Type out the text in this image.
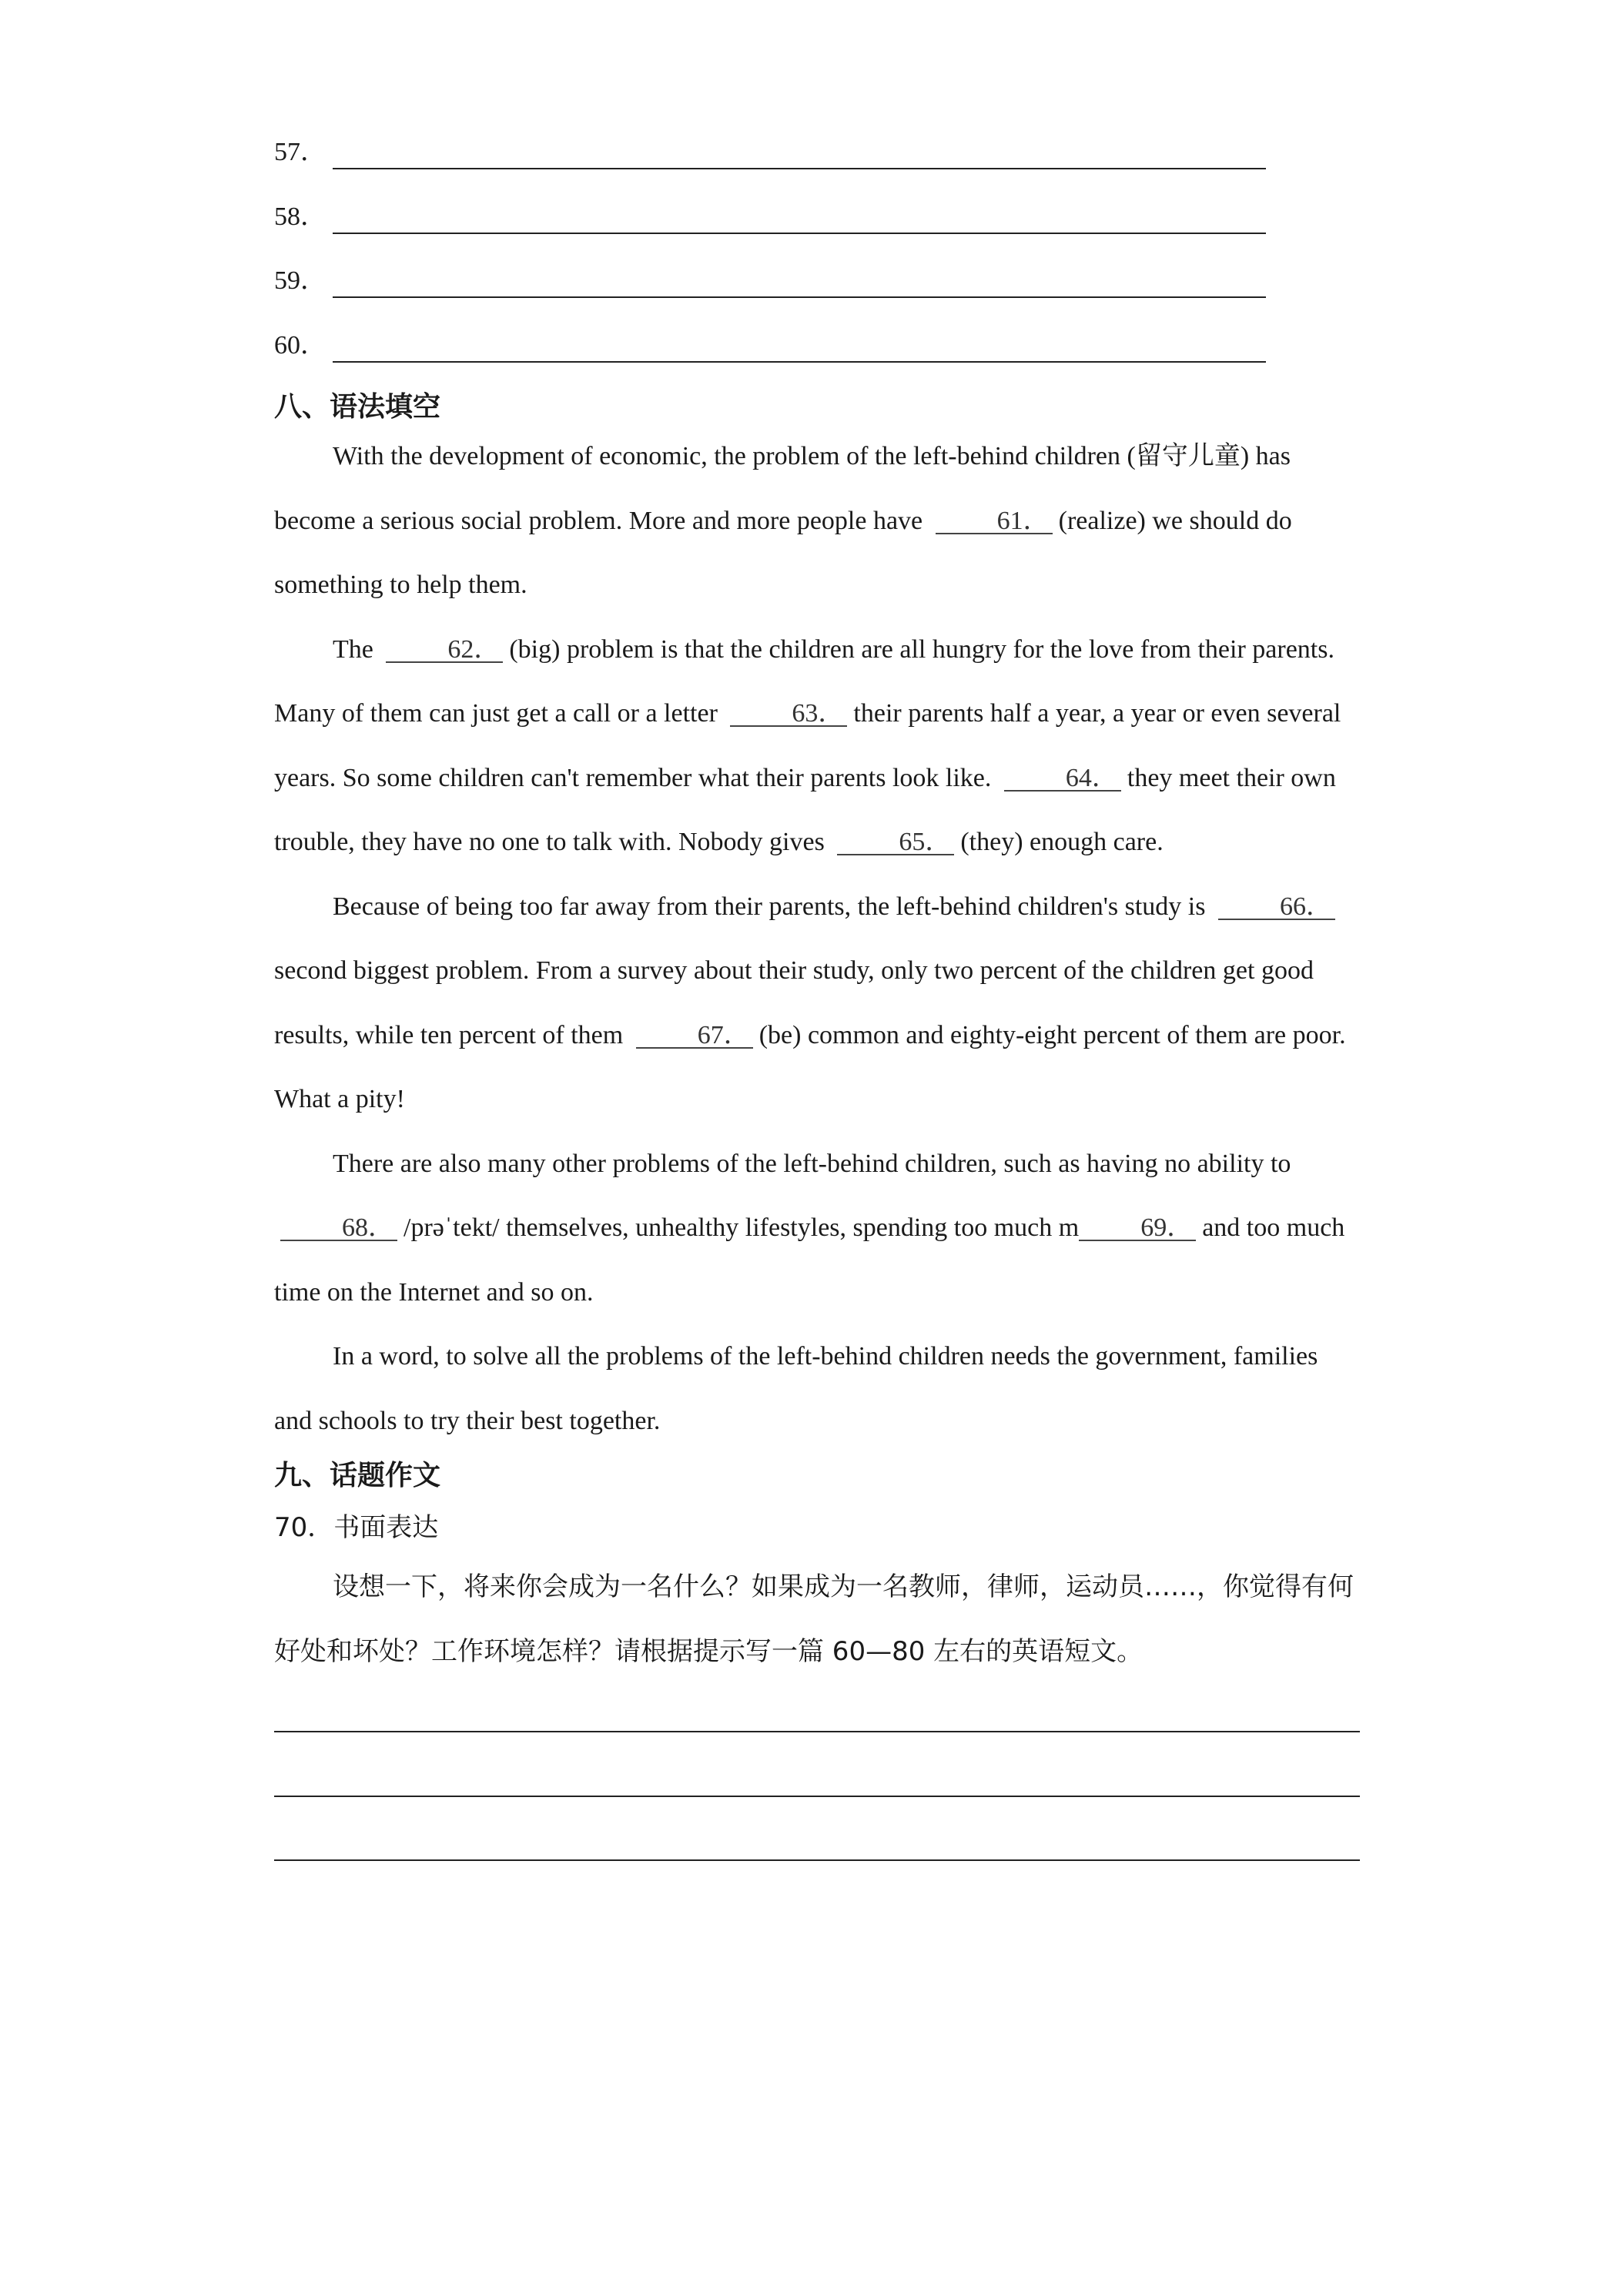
57．
58．
59．
60．
八、语法填空

With the development of economic, the problem of the left-behind children (留守儿童) has become a serious social problem. More and more people have	61． (realize) we should do something to help them.

The	62． (big) problem is that the children are all hungry for the love from their parents. Many of them can just get a call or a letter	63． their parents half a year, a year or even several years. So some children can't remember what their parents look like.	64． they meet their own trouble, they have no one to talk with. Nobody gives	65． (they) enough care.

Because of being too far away from their parents, the left-behind children's study is	66．second biggest problem. From a survey about their study, only two percent of the children get good results, while ten percent of them	67． (be) common and eighty-eight percent of them are poor. What a pity!

There are also many other problems of the left-behind children, such as having no ability to 68． /prəˈtekt/ themselves, unhealthy lifestyles, spending too much m 69． and too much time on the Internet and so on.

In a word, to solve all the problems of the left-behind children needs the government, families and schools to try their best together.

九、话题作文
70．书面表达

设想一下，将来你会成为一名什么？如果成为一名教师，律师，运动员……，你觉得有何好处和坏处？工作环境怎样？请根据提示写一篇 60—80 左右的英语短文。
